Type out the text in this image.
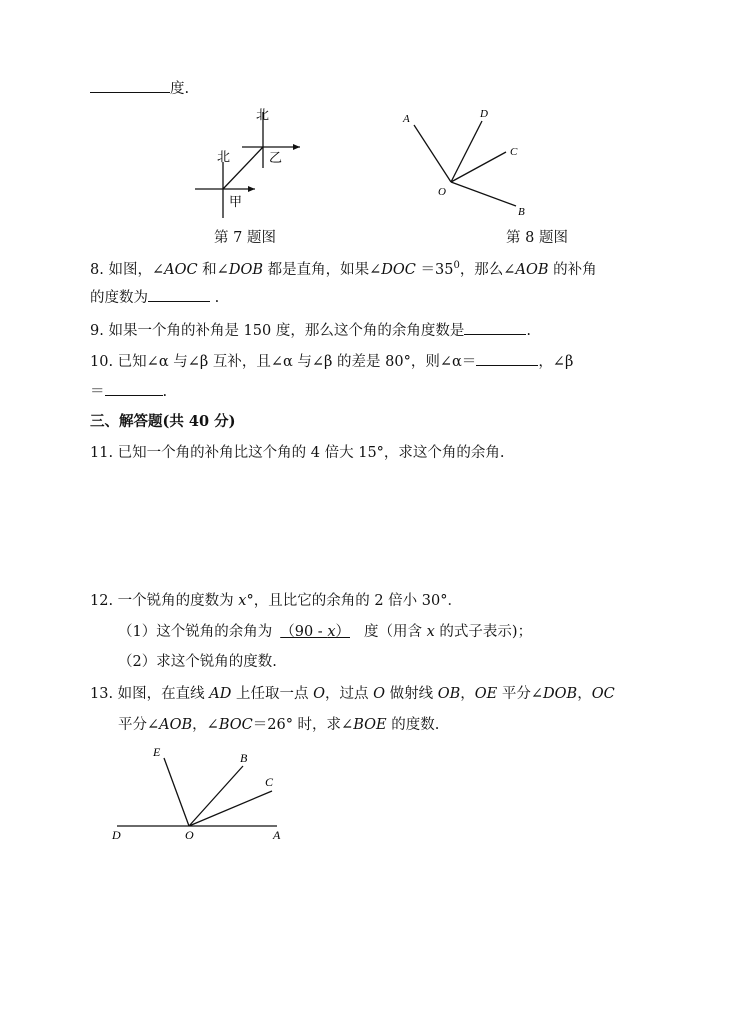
度.
北
北	乙
甲
第 7 题图
A	D
C
O
B
第 8 题图
8. 如图，∠AOC 和∠DOB 都是直角，如果∠DOC $=35^0$，那么∠AOB 的补角
的度数为	.
9. 如果一个角的补角是 150 度，那么这个角的余角度数是	.
10. 已知∠α 与∠β 互补，且∠α 与∠β 的差是 80°，则∠α＝	，∠β
＝	.
三、解答题(共 40 分)
11. 已知一个角的补角比这个角的 4 倍大 15°，求这个角的余角.
12. 一个锐角的度数为 x°，且比它的余角的 2 倍小 30°．
（1）这个锐角的余角为 （90 - x） 度（用含 x 的式子表示)；
（2）求这个锐角的度数.
13. 如图，在直线 AD 上任取一点 O，过点 O 做射线 OB，OE 平分∠DOB，OC
平分∠AOB，∠BOC＝26° 时，求∠BOE 的度数.
E	B
C
D	O	A
